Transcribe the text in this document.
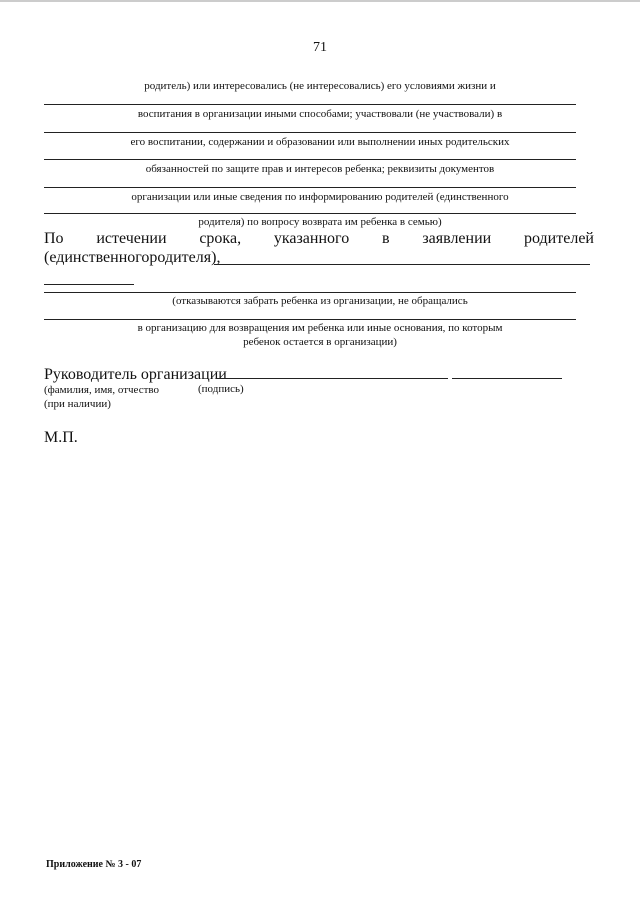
71
родитель) или интересовались (не интересовались) его условиями жизни и
воспитания в организации иными способами; участвовали (не участвовали) в
его воспитании, содержании и образовании или выполнении иных родительских
обязанностей по защите прав и интересов ребенка; реквизиты документов
организации или иные сведения по информированию родителей (единственного
родителя) по вопросу возврата им ребенка в семью)
По истечении срока, указанного в заявлении родителей
(единственногородителя),
(отказываются забрать ребенка из организации, не обращались
в организацию для возвращения им ребенка или иные основания, по которым
ребенок остается в организации)
Руководитель организации
(фамилия, имя, отчество	(подпись)
(при наличии)
М.П.
Приложение № 3 - 07
